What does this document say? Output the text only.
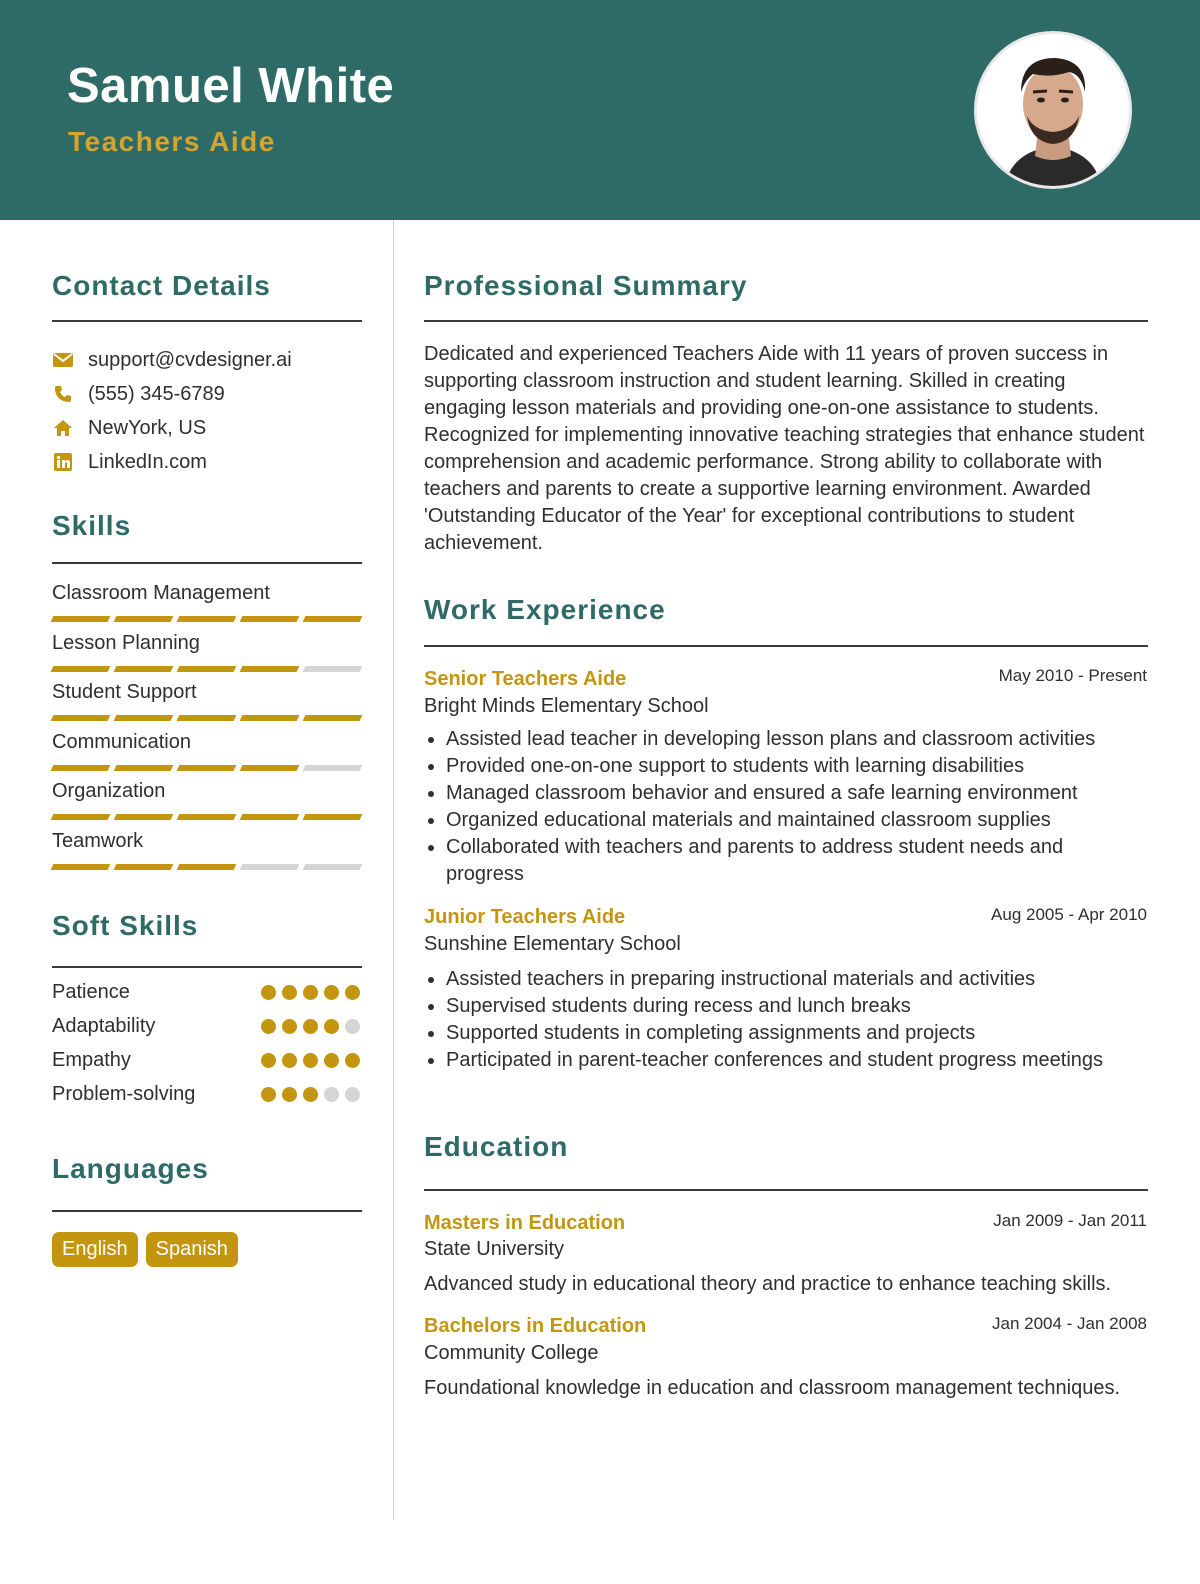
Samuel White
Teachers Aide
Contact Details
support@cvdesigner.ai
(555) 345-6789
NewYork, US
LinkedIn.com
Skills
Classroom Management
Lesson Planning
Student Support
Communication
Organization
Teamwork
Soft Skills
Patience
Adaptability
Empathy
Problem-solving
Languages
English	Spanish
Professional Summary
Dedicated and experienced Teachers Aide with 11 years of proven success in supporting classroom instruction and student learning. Skilled in creating engaging lesson materials and providing one-on-one assistance to students. Recognized for implementing innovative teaching strategies that enhance student comprehension and academic performance. Strong ability to collaborate with teachers and parents to create a supportive learning environment. Awarded 'Outstanding Educator of the Year' for exceptional contributions to student achievement.
Work Experience
Senior Teachers Aide	May 2010 - Present
Bright Minds Elementary School
• Assisted lead teacher in developing lesson plans and classroom activities
• Provided one-on-one support to students with learning disabilities
• Managed classroom behavior and ensured a safe learning environment
• Organized educational materials and maintained classroom supplies
• Collaborated with teachers and parents to address student needs and progress
Junior Teachers Aide	Aug 2005 - Apr 2010
Sunshine Elementary School
• Assisted teachers in preparing instructional materials and activities
• Supervised students during recess and lunch breaks
• Supported students in completing assignments and projects
• Participated in parent-teacher conferences and student progress meetings
Education
Masters in Education	Jan 2009 - Jan 2011
State University
Advanced study in educational theory and practice to enhance teaching skills.
Bachelors in Education	Jan 2004 - Jan 2008
Community College
Foundational knowledge in education and classroom management techniques.
